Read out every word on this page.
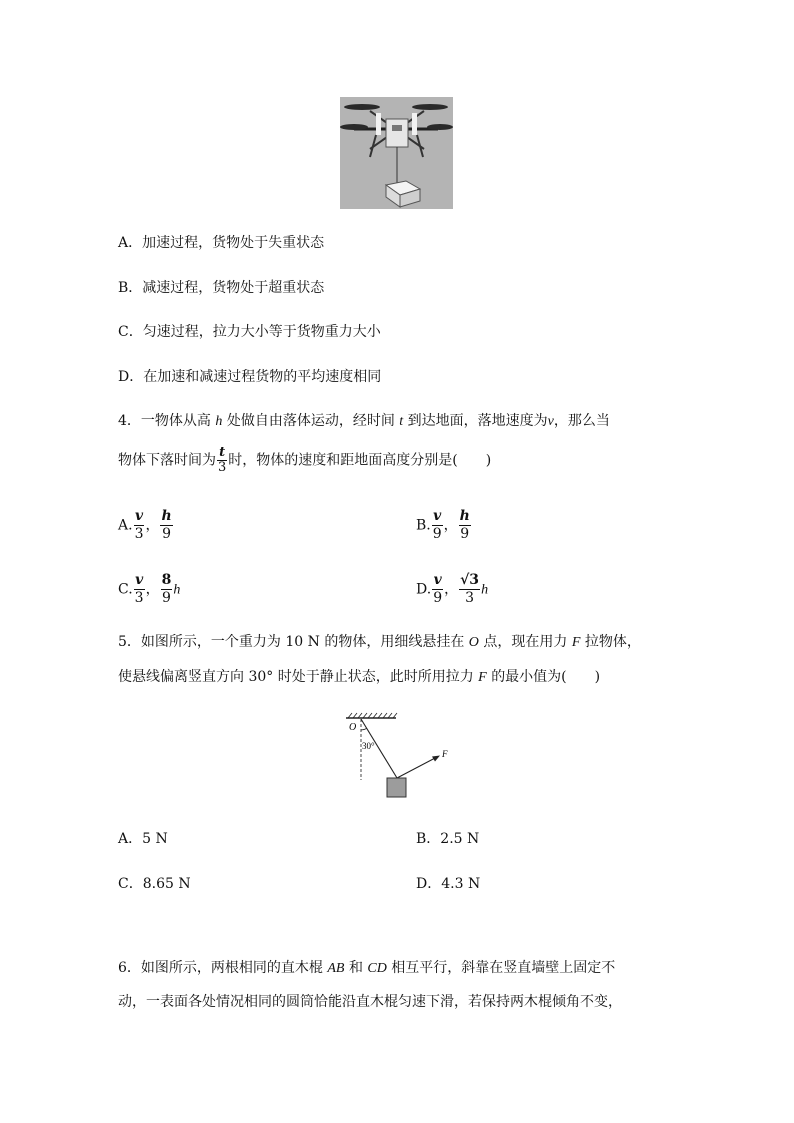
A．加速过程，货物处于失重状态
B．减速过程，货物处于超重状态
C．匀速过程，拉力大小等于货物重力大小
D．在加速和减速过程货物的平均速度相同
4．一物体从高 h 处做自由落体运动，经时间 t 到达地面，落地速度为v，那么当
物体下落时间为 $\frac{t}{3}$ 时，物体的速度和距地面高度分别是(　　)
A. $\frac{v}{3}$ ， $\frac{h}{9}$	B. $\frac{v}{9}$ ， $\frac{h}{9}$
C. $\frac{v}{3}$ ， $\frac{8}{9}$ h	D. $\frac{v}{9}$ ， $\frac{√3}{3}$ h
5．如图所示，一个重力为 10 N 的物体，用细线悬挂在 O 点，现在用力 F 拉物体，
使悬线偏离竖直方向 30° 时处于静止状态，此时所用拉力 F 的最小值为(　　)
O
30°
F
A．5 N	B．2.5 N
C．8.65 N	D．4.3 N
6．如图所示，两根相同的直木棍 AB 和 CD 相互平行，斜靠在竖直墙壁上固定不
动，一表面各处情况相同的圆筒恰能沿直木棍匀速下滑，若保持两木棍倾角不变，
